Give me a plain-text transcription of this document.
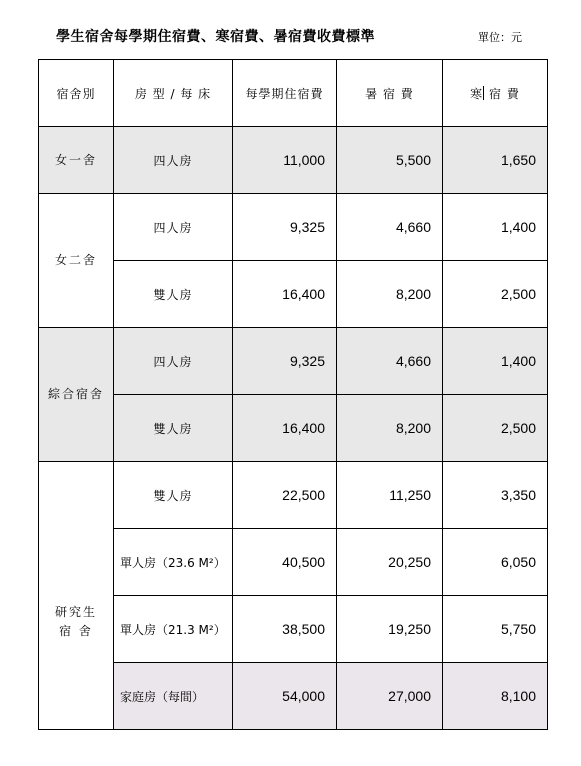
學生宿舍每學期住宿費、寒宿費、暑宿費收費標準	單位：元
宿舍別	房 型 / 每 床	每學期住宿費	暑 宿 費	寒 宿 費
女一舍	四人房	11,000	5,500	1,650
女二舍	四人房	9,325	4,660	1,400
	雙人房	16,400	8,200	2,500
綜合宿舍	四人房	9,325	4,660	1,400
	雙人房	16,400	8,200	2,500

研究生
宿 舍	雙人房	22,500	11,250	3,350
	單人房（23.6 M²）	40,500	20,250	6,050
	單人房（21.3 M²）	38,500	19,250	5,750
	家庭房（每間）	54,000	27,000	8,100
